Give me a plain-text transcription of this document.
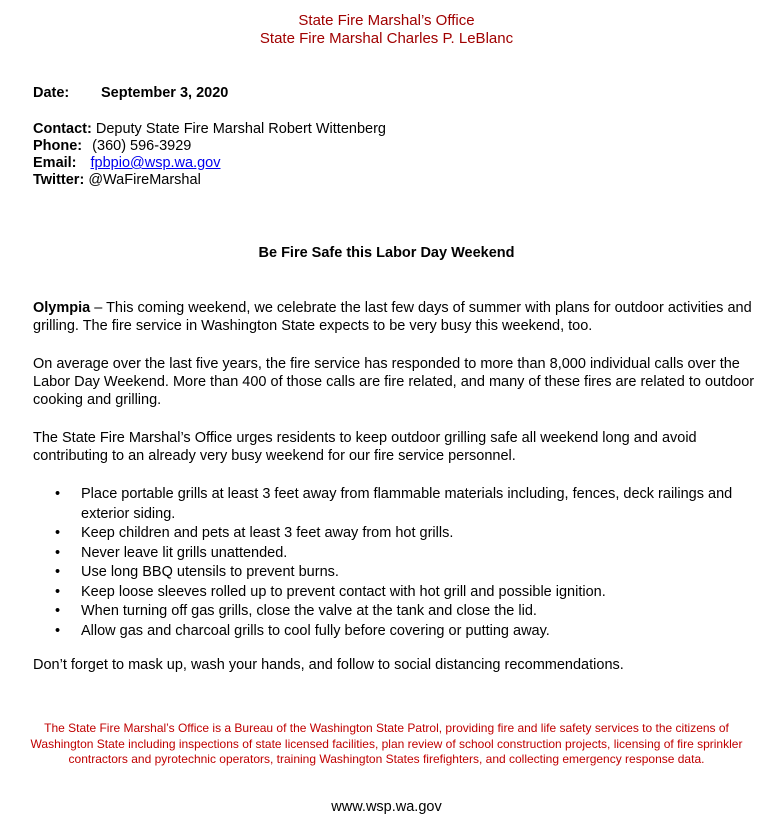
State Fire Marshal’s Office
State Fire Marshal Charles P. LeBlanc
Date: September 3, 2020
Contact: Deputy State Fire Marshal Robert Wittenberg
Phone: (360) 596-3929
Email: fpbpio@wsp.wa.gov
Twitter: @WaFireMarshal
Be Fire Safe this Labor Day Weekend
Olympia – This coming weekend, we celebrate the last few days of summer with plans for outdoor activities and grilling. The fire service in Washington State expects to be very busy this weekend, too.
On average over the last five years, the fire service has responded to more than 8,000 individual calls over the Labor Day Weekend. More than 400 of those calls are fire related, and many of these fires are related to outdoor cooking and grilling.
The State Fire Marshal’s Office urges residents to keep outdoor grilling safe all weekend long and avoid contributing to an already very busy weekend for our fire service personnel.
• Place portable grills at least 3 feet away from flammable materials including, fences, deck railings and exterior siding.
• Keep children and pets at least 3 feet away from hot grills.
• Never leave lit grills unattended.
• Use long BBQ utensils to prevent burns.
• Keep loose sleeves rolled up to prevent contact with hot grill and possible ignition.
• When turning off gas grills, close the valve at the tank and close the lid.
• Allow gas and charcoal grills to cool fully before covering or putting away.
Don’t forget to mask up, wash your hands, and follow to social distancing recommendations.
The State Fire Marshal’s Office is a Bureau of the Washington State Patrol, providing fire and life safety services to the citizens of Washington State including inspections of state licensed facilities, plan review of school construction projects, licensing of fire sprinkler contractors and pyrotechnic operators, training Washington States firefighters, and collecting emergency response data.
www.wsp.wa.gov
